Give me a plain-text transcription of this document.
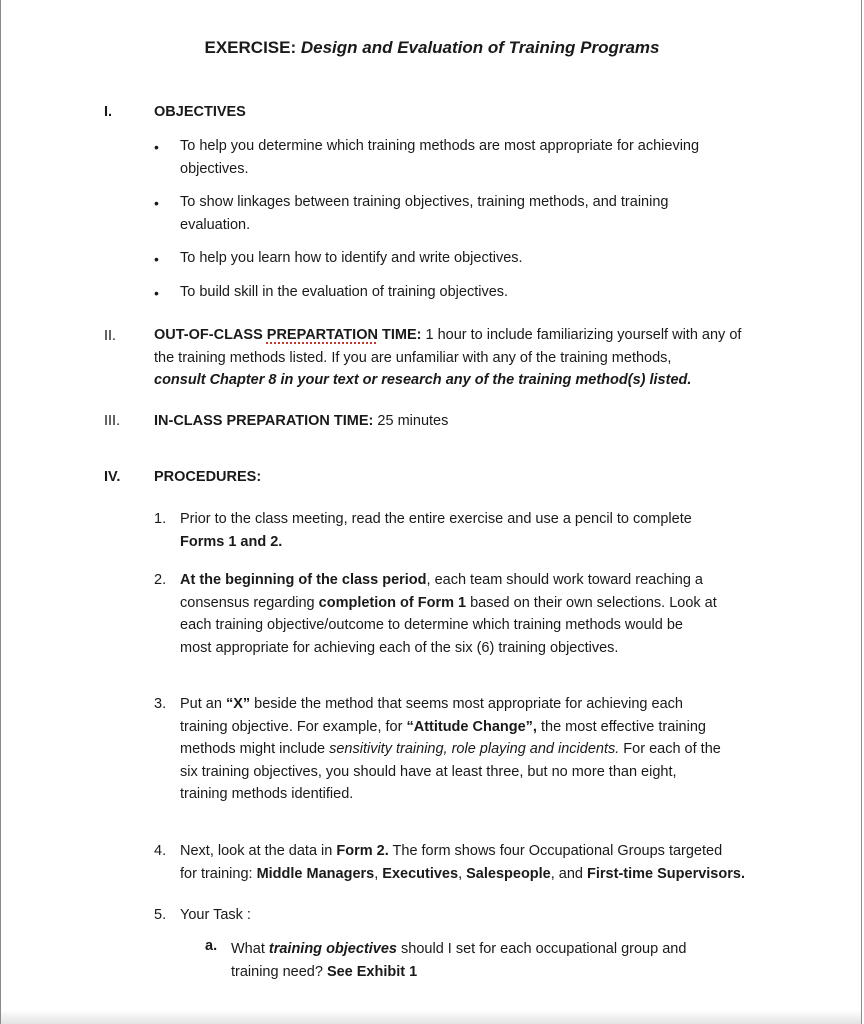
EXERCISE: Design and Evaluation of Training Programs
I.	OBJECTIVES
•	To help you determine which training methods are most appropriate for achieving
objectives.
•	To show linkages between training objectives, training methods, and training
evaluation.
•	To help you learn how to identify and write objectives.
•	To build skill in the evaluation of training objectives.
II.	OUT-OF-CLASS PREPARTATION TIME: 1 hour to include familiarizing yourself with any of
the training methods listed. If you are unfamiliar with any of the training methods,
consult Chapter 8 in your text or research any of the training method(s) listed.
III. IN-CLASS PREPARATION TIME: 25 minutes
IV. PROCEDURES:
1. Prior to the class meeting, read the entire exercise and use a pencil to complete
Forms 1 and 2.
2. At the beginning of the class period, each team should work toward reaching a
consensus regarding completion of Form 1 based on their own selections. Look at
each training objective/outcome to determine which training methods would be
most appropriate for achieving each of the six (6) training objectives.
3. Put an “X” beside the method that seems most appropriate for achieving each
training objective. For example, for “Attitude Change”, the most effective training
methods might include sensitivity training, role playing and incidents. For each of the
six training objectives, you should have at least three, but no more than eight,
training methods identified.
4. Next, look at the data in Form 2. The form shows four Occupational Groups targeted
for training: Middle Managers, Executives, Salespeople, and First-time Supervisors.
5. Your Task :
a. What training objectives should I set for each occupational group and
training need? See Exhibit 1
